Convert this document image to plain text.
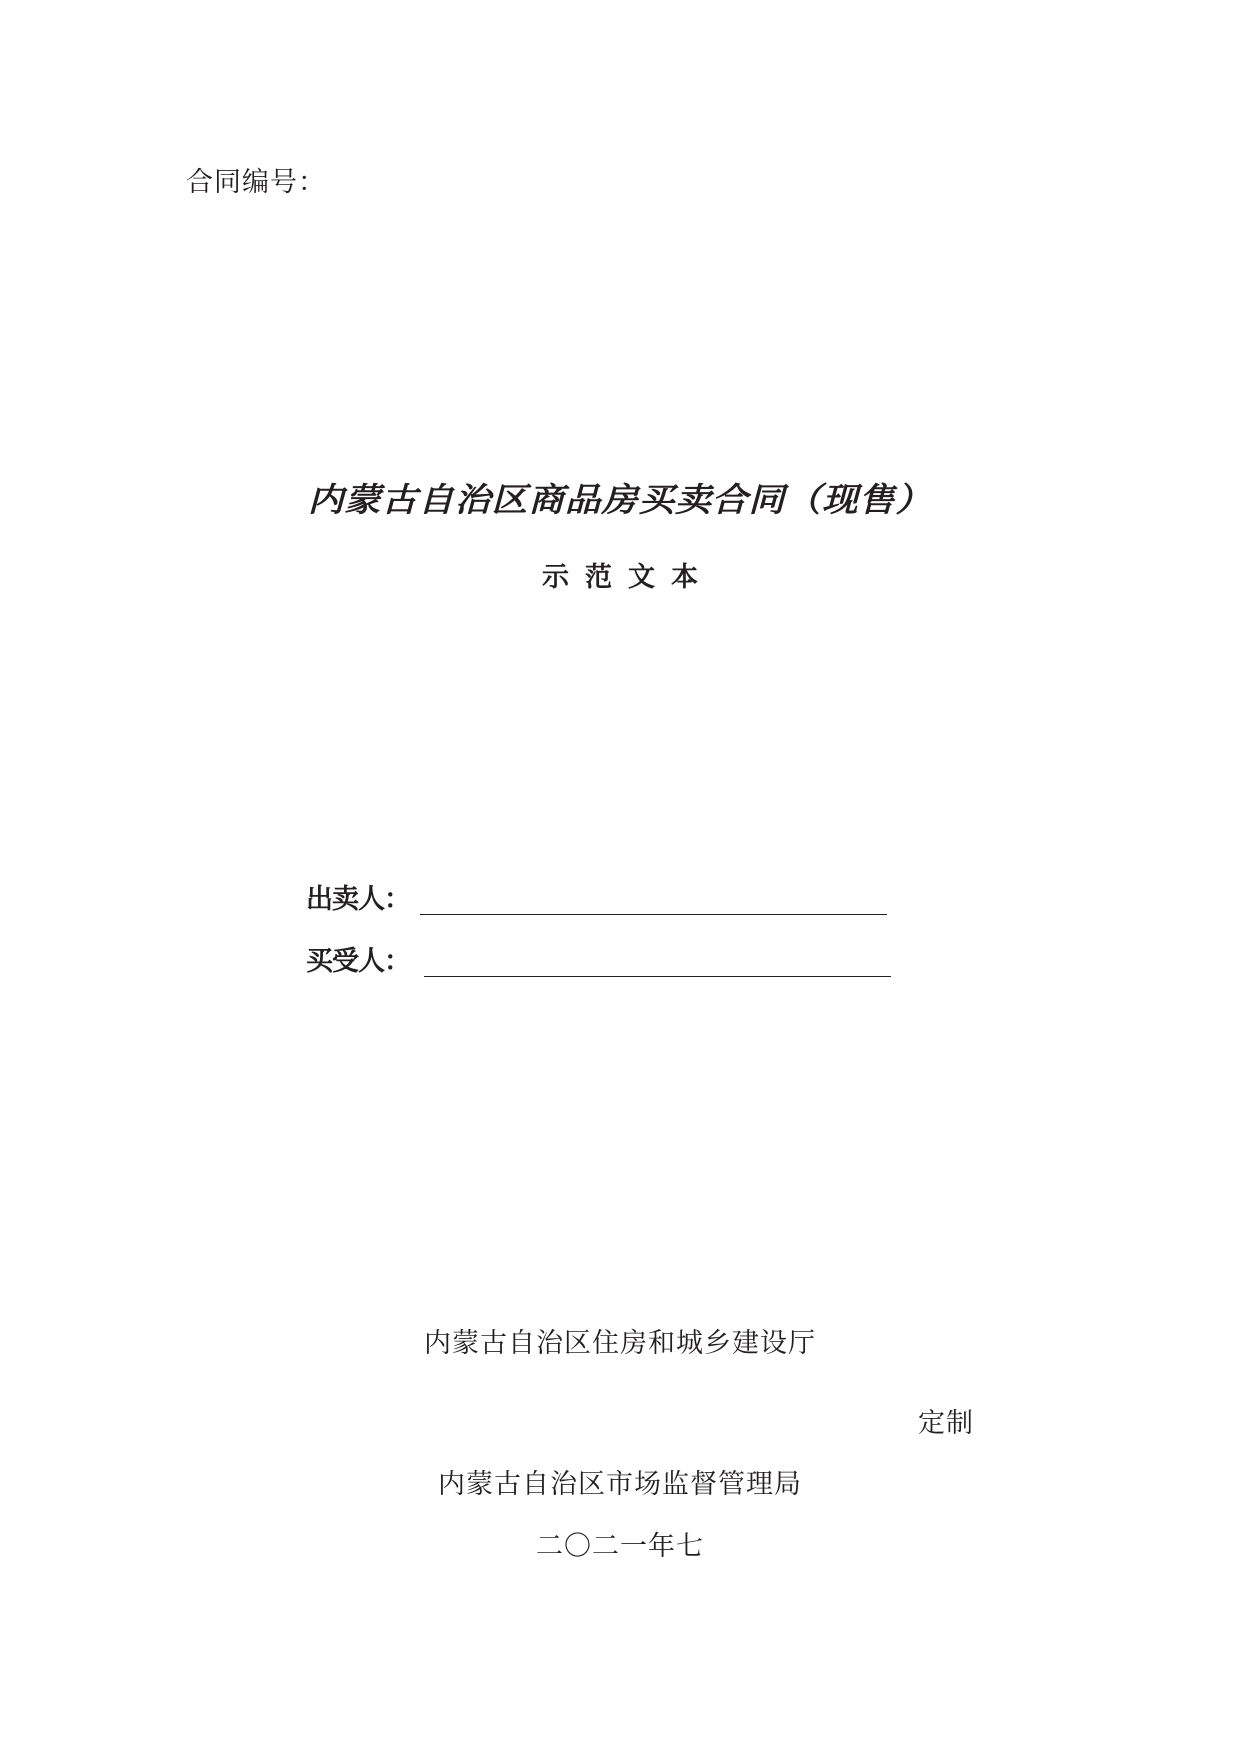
合同编号：
内蒙古自治区商品房买卖合同（现售）
示范文本
出卖人：
买受人：
内蒙古自治区住房和城乡建设厅
定制
内蒙古自治区市场监督管理局
二〇二一年七
